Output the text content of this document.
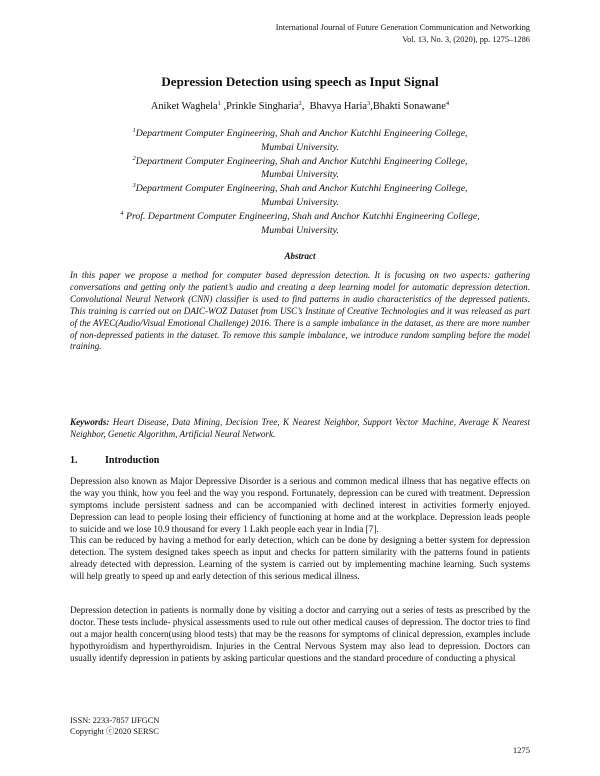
International Journal of Future Generation Communication and Networking
Vol. 13, No. 3, (2020), pp. 1275–1286
Depression Detection using speech as Input Signal
Aniket Waghela$^1$ ,Prinkle Singharia$^2$,  Bhavya Haria$^3$,Bhakti Sonawane$^4$
$^1$Department Computer Engineering, Shah and Anchor Kutchhi Engineering College,
Mumbai University.
$^2$Department Computer Engineering, Shah and Anchor Kutchhi Engineering College,
Mumbai University.
$^3$Department Computer Engineering, Shah and Anchor Kutchhi Engineering College,
Mumbai University.
$^4$ Prof. Department Computer Engineering, Shah and Anchor Kutchhi Engineering College,
Mumbai University.
Abstract
In this paper we propose a method for computer based depression detection. It is focusing on two aspects: gathering conversations and getting only the patient’s audio and creating a deep learning model for automatic depression detection. Convolutional Neural Network (CNN) classifier is used to find patterns in audio characteristics of the depressed patients. This training is carried out on DAIC-WOZ Dataset from USC’s Institute of Creative Technologies and it was released as part of the AVEC(Audio/Visual Emotional Challenge) 2016. There is a sample imbalance in the dataset, as there are more number of non-depressed patients in the dataset. To remove this sample imbalance, we introduce random sampling before the model training.
Keywords: Heart Disease, Data Mining, Decision Tree, K Nearest Neighbor, Support Vector Machine, Average K Nearest Neighbor, Genetic Algorithm, Artificial Neural Network.
1.	Introduction
Depression also known as Major Depressive Disorder is a serious and common medical illness that has negative effects on the way you think, how you feel and the way you respond. Fortunately, depression can be cured with treatment. Depression symptoms include persistent sadness and can be accompanied with declined interest in activities formerly enjoyed. Depression can lead to people losing their efficiency of functioning at home and at the workplace. Depression leads people to suicide and we lose 10.9 thousand for every 1 Lakh people each year in India [7].
This can be reduced by having a method for early detection, which can be done by designing a better system for depression detection. The system designed takes speech as input and checks for pattern similarity with the patterns found in patients already detected with depression. Learning of the system is carried out by implementing machine learning. Such systems will help greatly to speed up and early detection of this serious medical illness.
Depression detection in patients is normally done by visiting a doctor and carrying out a series of tests as prescribed by the doctor. These tests include- physical assessments used to rule out other medical causes of depression. The doctor tries to find out a major health concern(using blood tests) that may be the reasons for symptoms of clinical depression, examples include hypothyroidism and hyperthyroidism. Injuries in the Central Nervous System may also lead to depression. Doctors can usually identify depression in patients by asking particular questions and the standard procedure of conducting a physical
ISSN: 2233-7857 IJFGCN
Copyright ⓒ2020 SERSC
1275
